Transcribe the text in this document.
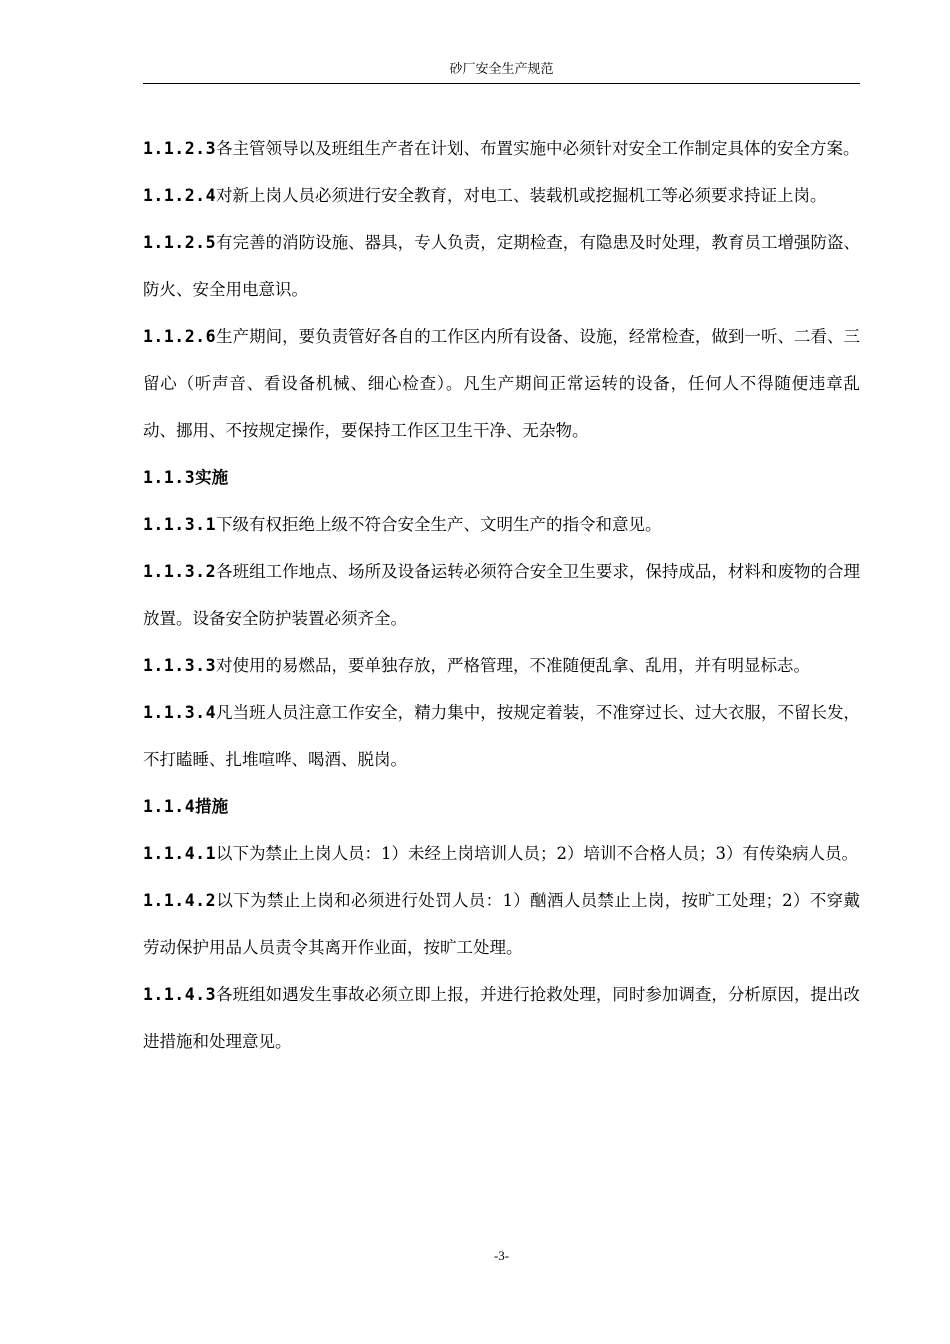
砂厂安全生产规范

1.1.2.3各主管领导以及班组生产者在计划、布置实施中必须针对安全工作制定具体的安全方案。

1.1.2.4对新上岗人员必须进行安全教育，对电工、装载机或挖掘机工等必须要求持证上岗。

1.1.2.5有完善的消防设施、器具，专人负责，定期检查，有隐患及时处理，教育员工增强防盗、防火、安全用电意识。

1.1.2.6生产期间，要负责管好各自的工作区内所有设备、设施，经常检查，做到一听、二看、三留心（听声音、看设备机械、细心检查）。凡生产期间正常运转的设备，任何人不得随便违章乱动、挪用、不按规定操作，要保持工作区卫生干净、无杂物。

1.1.3实施

1.1.3.1下级有权拒绝上级不符合安全生产、文明生产的指令和意见。

1.1.3.2各班组工作地点、场所及设备运转必须符合安全卫生要求，保持成品，材料和废物的合理放置。设备安全防护装置必须齐全。

1.1.3.3对使用的易燃品，要单独存放，严格管理，不准随便乱拿、乱用，并有明显标志。

1.1.3.4凡当班人员注意工作安全，精力集中，按规定着装，不准穿过长、过大衣服，不留长发，不打瞌睡、扎堆喧哗、喝酒、脱岗。

1.1.4措施

1.1.4.1以下为禁止上岗人员：1）未经上岗培训人员；2）培训不合格人员；3）有传染病人员。

1.1.4.2以下为禁止上岗和必须进行处罚人员：1）酗酒人员禁止上岗，按旷工处理；2）不穿戴劳动保护用品人员责令其离开作业面，按旷工处理。

1.1.4.3各班组如遇发生事故必须立即上报，并进行抢救处理，同时参加调查，分析原因，提出改进措施和处理意见。

-3-
